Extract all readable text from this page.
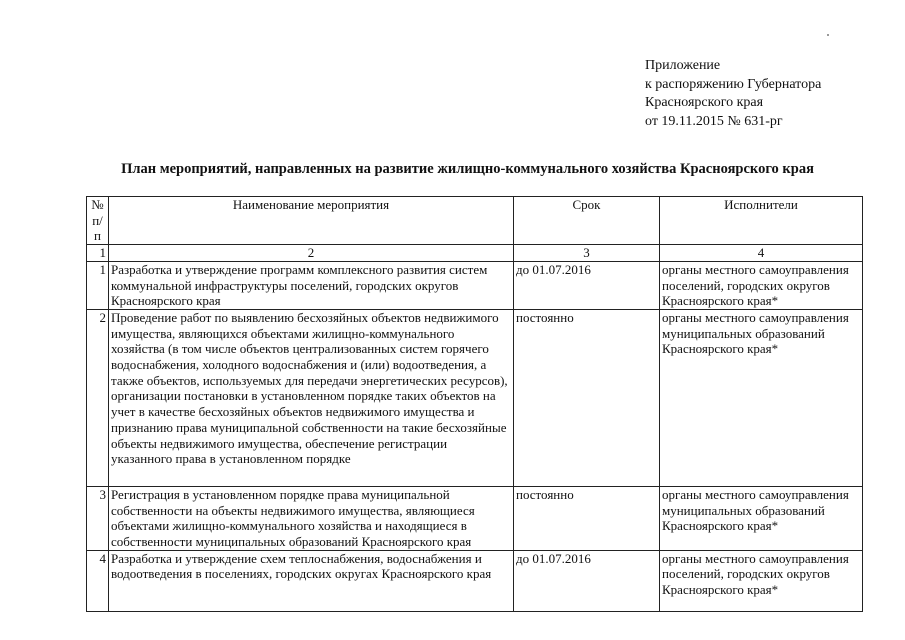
Приложение
к распоряжению Губернатора
Красноярского края
от 19.11.2015 № 631-рг
План мероприятий, направленных на развитие жилищно-коммунального хозяйства Красноярского края
№ п/п	Наименование мероприятия	Срок	Исполнители
1	2	3	4
1	Разработка и утверждение программ комплексного развития систем коммунальной инфраструктуры поселений, городских округов Красноярского края	до 01.07.2016	органы местного самоуправления поселений, городских округов Красноярского края*
2	Проведение работ по выявлению бесхозяйных объектов недвижимого имущества, являющихся объектами жилищно-коммунального хозяйства (в том числе объектов централизованных систем горячего водоснабжения, холодного водоснабжения и (или) водоотведения, а также объектов, используемых для передачи энергетических ресурсов), организации постановки в установленном порядке таких объектов на учет в качестве бесхозяйных объектов недвижимого имущества и признанию права муниципальной собственности на такие бесхозяйные объекты недвижимого имущества, обеспечение регистрации указанного права в установленном порядке	постоянно	органы местного самоуправления муниципальных образований Красноярского края*
3	Регистрация в установленном порядке права муниципальной собственности на объекты недвижимого имущества, являющиеся объектами жилищно-коммунального хозяйства и находящиеся в собственности муниципальных образований Красноярского края	постоянно	органы местного самоуправления муниципальных образований Красноярского края*
4	Разработка и утверждение схем теплоснабжения, водоснабжения и водоотведения в поселениях, городских округах Красноярского края	до 01.07.2016	органы местного самоуправления поселений, городских округов Красноярского края*
